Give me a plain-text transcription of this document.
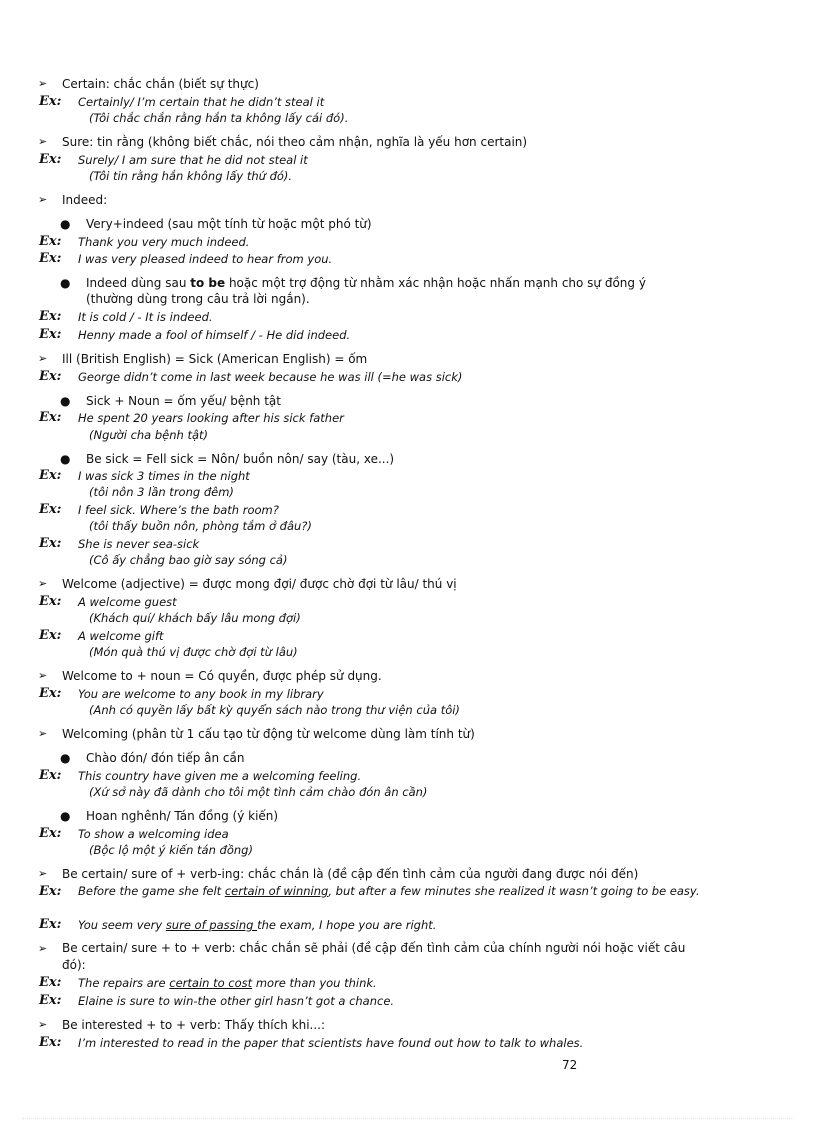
➢ Certain: chắc chắn (biết sự thực)
Ex: Certainly/ I’m certain that he didn’t steal it
(Tôi chắc chắn rằng hắn ta không lấy cái đó).
➢ Sure: tin rằng (không biết chắc, nói theo cảm nhận, nghĩa là yếu hơn certain)
Ex: Surely/ I am sure that he did not steal it
(Tôi tin rằng hắn không lấy thứ đó).
➢ Indeed:
● Very+indeed (sau một tính từ hoặc một phó từ)
Ex: Thank you very much indeed.
Ex: I was very pleased indeed to hear from you.
● Indeed dùng sau to be hoặc một trợ động từ nhằm xác nhận hoặc nhấn mạnh cho sự đồng ý
(thường dùng trong câu trả lời ngắn).
Ex: It is cold / - It is indeed.
Ex: Henny made a fool of himself / - He did indeed.
➢ Ill (British English) = Sick (American English) = ốm
Ex: George didn’t come in last week because he was ill (=he was sick)
● Sick + Noun = ốm yếu/ bệnh tật
Ex: He spent 20 years looking after his sick father
(Người cha bệnh tật)
● Be sick = Fell sick = Nôn/ buồn nôn/ say (tàu, xe...)
Ex: I was sick 3 times in the night
(tôi nôn 3 lần trong đêm)
Ex: I feel sick. Where’s the bath room?
(tôi thấy buồn nôn, phòng tắm ở đâu?)
Ex: She is never sea-sick
(Cô ấy chẳng bao giờ say sóng cả)
➢ Welcome (adjective) = được mong đợi/ được chờ đợi từ lâu/ thú vị
Ex: A welcome guest
(Khách quí/ khách bấy lâu mong đợi)
Ex: A welcome gift
(Món quà thú vị được chờ đợi từ lâu)
➢ Welcome to + noun = Có quyền, được phép sử dụng.
Ex: You are welcome to any book in my library
(Anh có quyền lấy bất kỳ quyển sách nào trong thư viện của tôi)
➢ Welcoming (phân từ 1 cấu tạo từ động từ welcome dùng làm tính từ)
● Chào đón/ đón tiếp ân cần
Ex: This country have given me a welcoming feeling.
(Xứ sở này đã dành cho tôi một tình cảm chào đón ân cần)
● Hoan nghênh/ Tán đồng (ý kiến)
Ex: To show a welcoming idea
(Bộc lộ một ý kiến tán đồng)
➢ Be certain/ sure of + verb-ing: chắc chắn là (đề cập đến tình cảm của người đang được nói đến)
Ex: Before the game she felt certain of winning, but after a few minutes she realized it wasn’t going to be easy.
Ex: You seem very sure of passing the exam, I hope you are right.
➢ Be certain/ sure + to + verb: chắc chắn sẽ phải (đề cập đến tình cảm của chính người nói hoặc viết câu đó):
Ex: The repairs are certain to cost more than you think.
Ex: Elaine is sure to win-the other girl hasn’t got a chance.
➢ Be interested + to + verb: Thấy thích khi...:
Ex: I’m interested to read in the paper that scientists have found out how to talk to whales.
72
